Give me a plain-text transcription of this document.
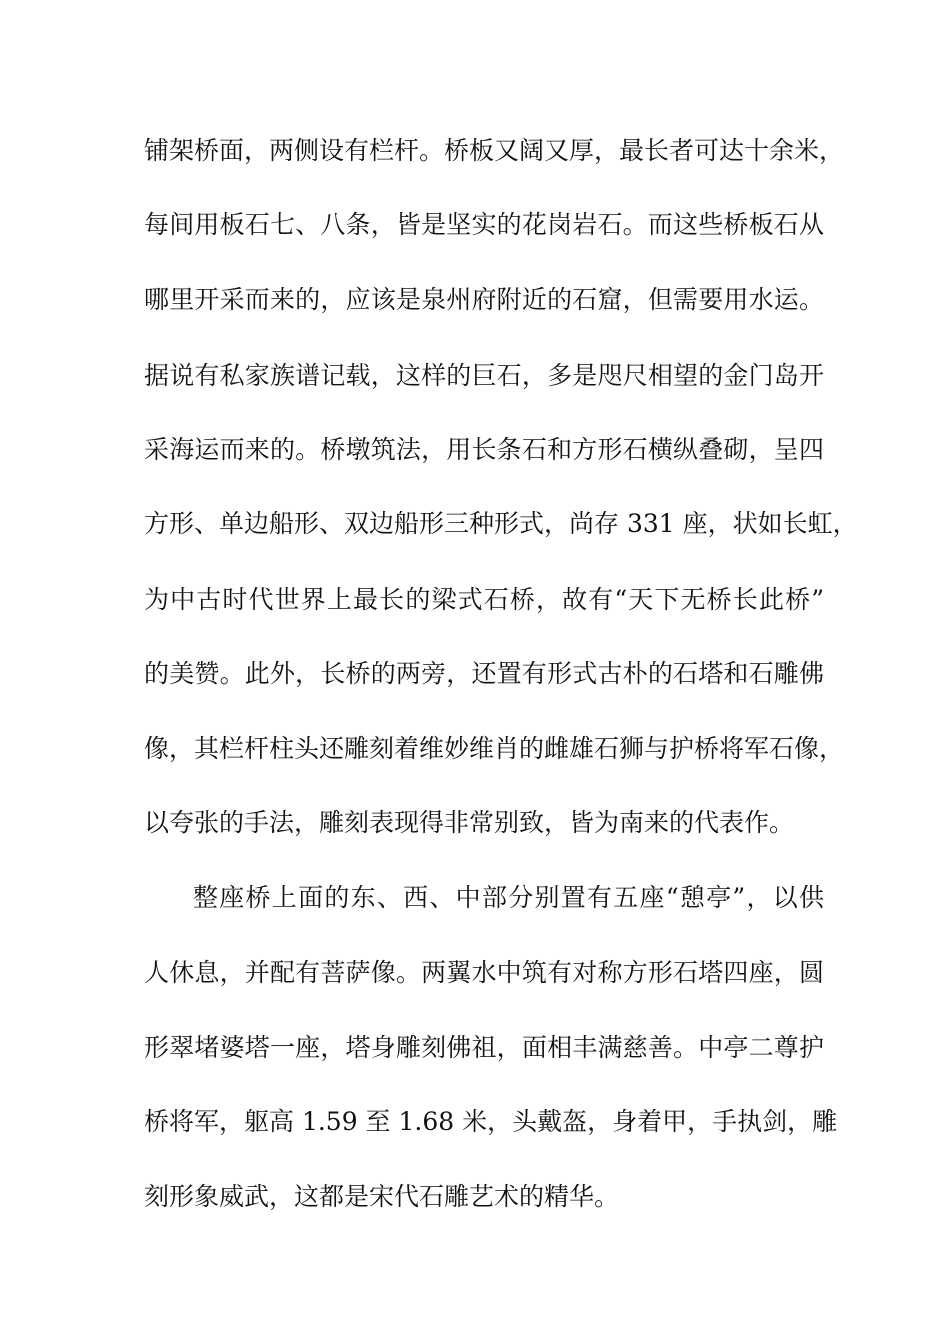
铺架桥面，两侧设有栏杆。桥板又阔又厚，最长者可达十余米，
每间用板石七、八条，皆是坚实的花岗岩石。而这些桥板石从
哪里开采而来的，应该是泉州府附近的石窟，但需要用水运。
据说有私家族谱记载，这样的巨石，多是咫尺相望的金门岛开
采海运而来的。桥墩筑法，用长条石和方形石横纵叠砌，呈四
方形、单边船形、双边船形三种形式，尚存 331 座，状如长虹，
为中古时代世界上最长的梁式石桥，故有“天下无桥长此桥”
的美赞。此外，长桥的两旁，还置有形式古朴的石塔和石雕佛
像，其栏杆柱头还雕刻着维妙维肖的雌雄石狮与护桥将军石像，
以夸张的手法，雕刻表现得非常别致，皆为南来的代表作。
整座桥上面的东、西、中部分别置有五座“憩亭”，以供
人休息，并配有菩萨像。两翼水中筑有对称方形石塔四座，圆
形翠堵婆塔一座，塔身雕刻佛祖，面相丰满慈善。中亭二尊护
桥将军，躯高 1.59 至 1.68 米，头戴盔，身着甲，手执剑，雕
刻形象威武，这都是宋代石雕艺术的精华。
